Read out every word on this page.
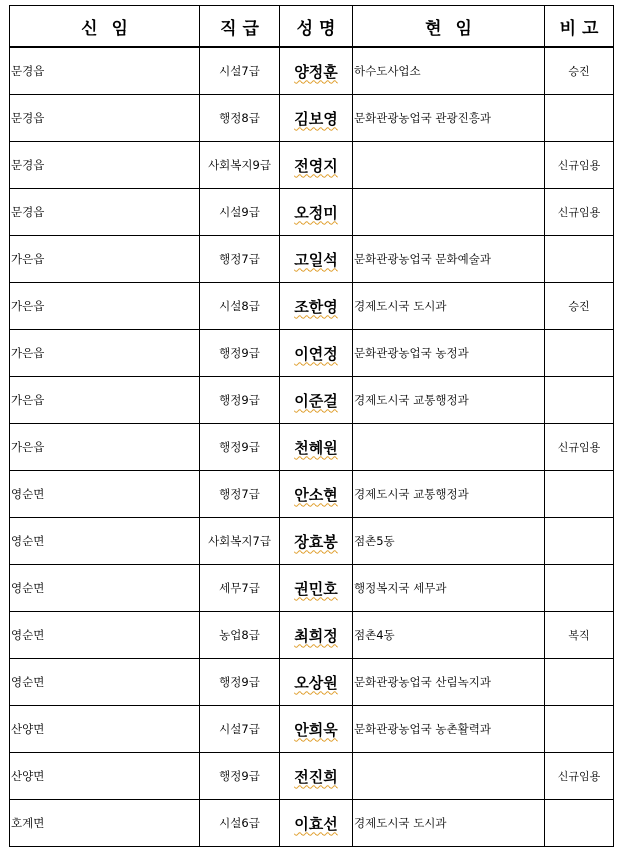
신임	직급	성명	현임	비고
문경읍	시설7급	양정훈	하수도사업소	승진
문경읍	행정8급	김보영	문화관광농업국 관광진흥과	
문경읍	사회복지9급	전영지		신규임용
문경읍	시설9급	오정미		신규임용
가은읍	행정7급	고일석	문화관광농업국 문화예술과	
가은읍	시설8급	조한영	경제도시국 도시과	승진
가은읍	행정9급	이연정	문화관광농업국 농정과	
가은읍	행정9급	이준걸	경제도시국 교통행정과	
가은읍	행정9급	천혜원		신규임용
영순면	행정7급	안소현	경제도시국 교통행정과	
영순면	사회복지7급	장효봉	점촌5동	
영순면	세무7급	권민호	행정복지국 세무과	
영순면	농업8급	최희정	점촌4동	복직
영순면	행정9급	오상원	문화관광농업국 산림녹지과	
산양면	시설7급	안희욱	문화관광농업국 농촌활력과	
산양면	행정9급	전진희		신규임용
호계면	시설6급	이효선	경제도시국 도시과	
